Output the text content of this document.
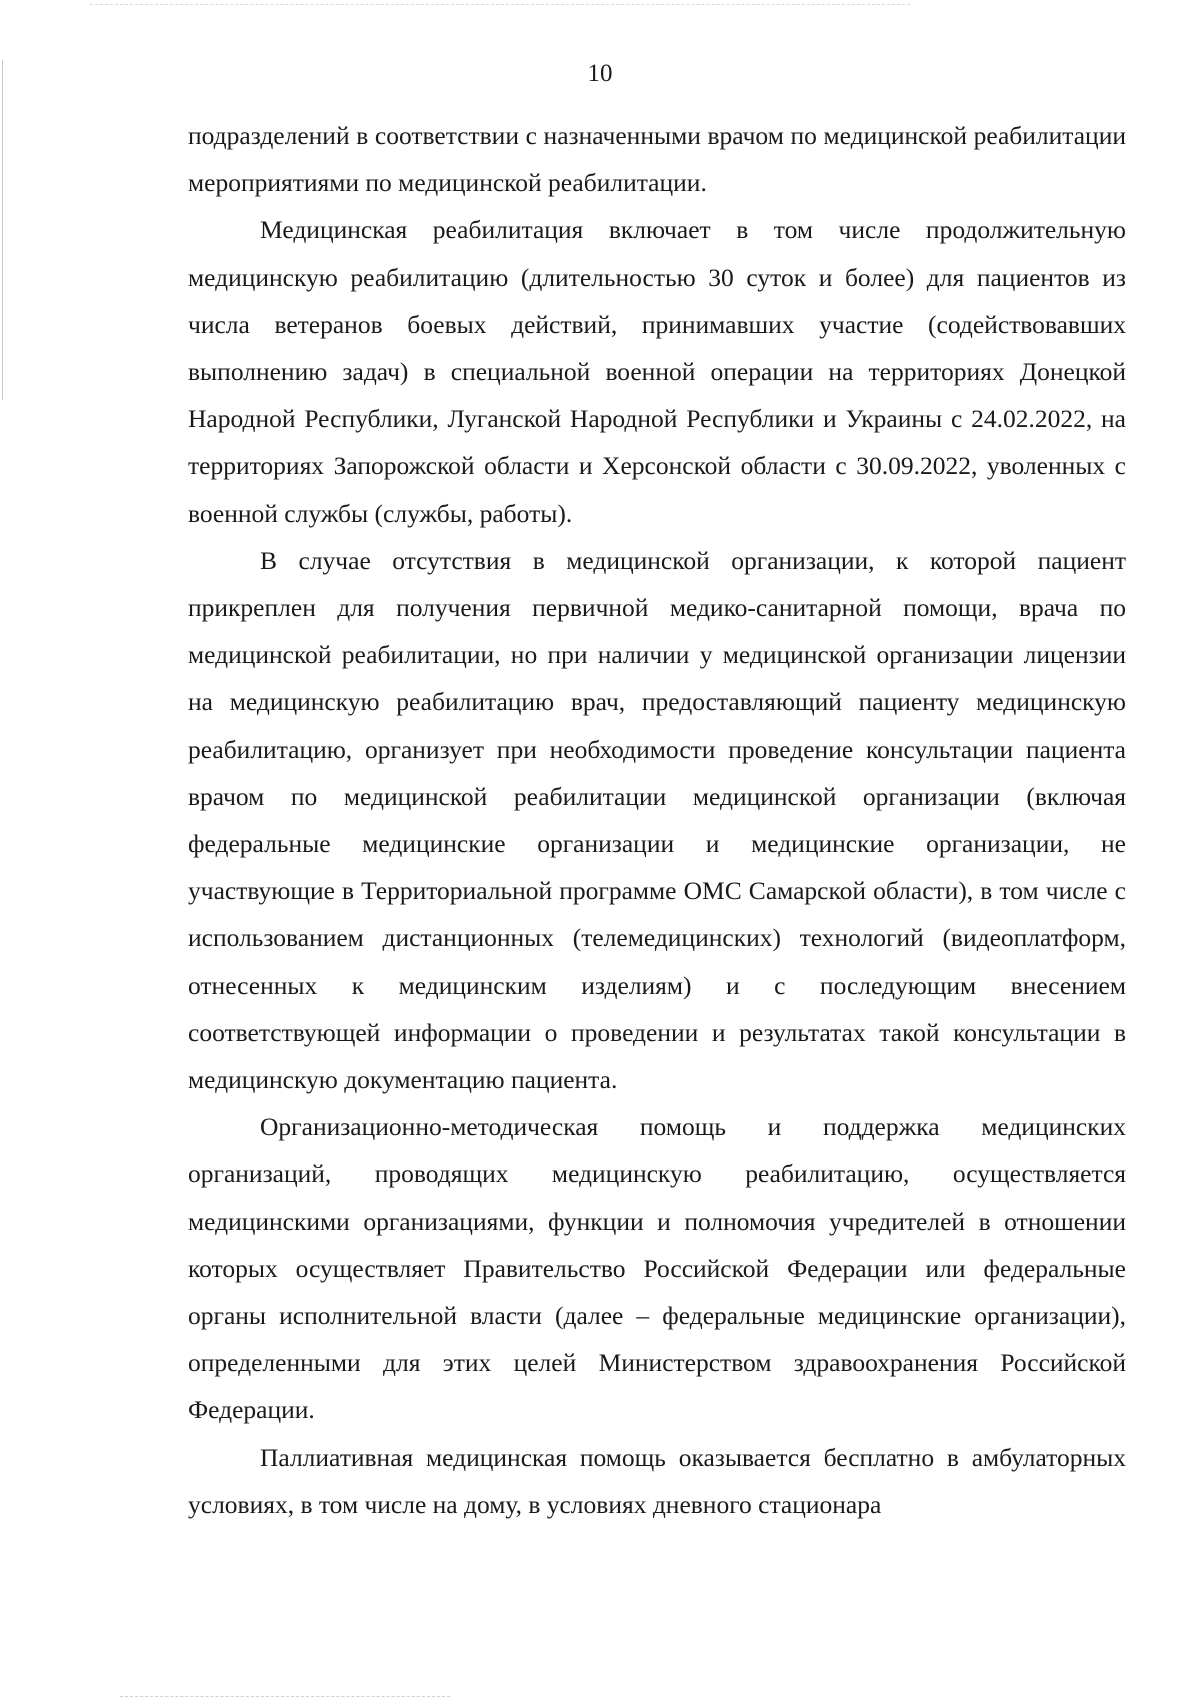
10

подразделений в соответствии с назначенными врачом по медицинской реабилитации мероприятиями по медицинской реабилитации.

Медицинская реабилитация включает в том числе продолжительную медицинскую реабилитацию (длительностью 30 суток и более) для пациентов из числа ветеранов боевых действий, принимавших участие (содействовавших выполнению задач) в специальной военной операции на территориях Донецкой Народной Республики, Луганской Народной Республики и Украины с 24.02.2022, на территориях Запорожской области и Херсонской области с 30.09.2022, уволенных с военной службы (службы, работы).

В случае отсутствия в медицинской организации, к которой пациент прикреплен для получения первичной медико-санитарной помощи, врача по медицинской реабилитации, но при наличии у медицинской организации лицензии на медицинскую реабилитацию врач, предоставляющий пациенту медицинскую реабилитацию, организует при необходимости проведение консультации пациента врачом по медицинской реабилитации медицинской организации (включая федеральные медицинские организации и медицинские организации, не участвующие в Территориальной программе ОМС Самарской области), в том числе с использованием дистанционных (телемедицинских) технологий (видеоплатформ, отнесенных к медицинским изделиям) и с последующим внесением соответствующей информации о проведении и результатах такой консультации в медицинскую документацию пациента.

Организационно-методическая помощь и поддержка медицинских организаций, проводящих медицинскую реабилитацию, осуществляется медицинскими организациями, функции и полномочия учредителей в отношении которых осуществляет Правительство Российской Федерации или федеральные органы исполнительной власти (далее – федеральные медицинские организации), определенными для этих целей Министерством здравоохранения Российской Федерации.

Паллиативная медицинская помощь оказывается бесплатно в амбулаторных условиях, в том числе на дому, в условиях дневного стационара
